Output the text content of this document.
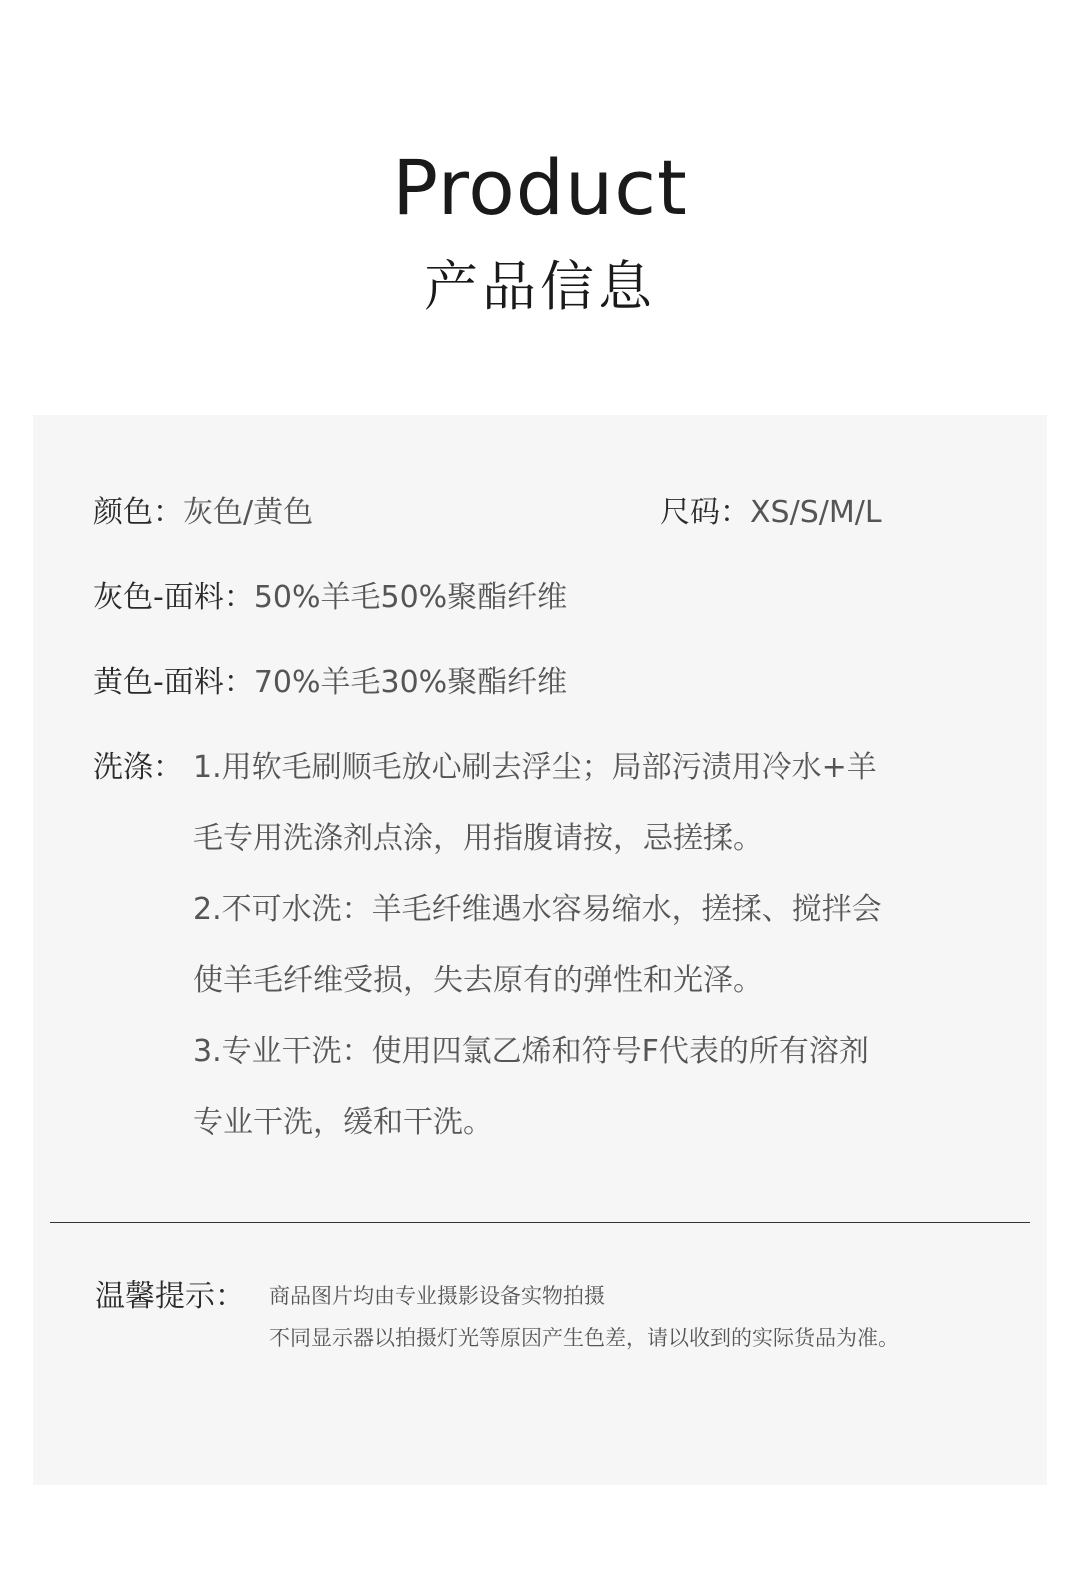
Product
产品信息
颜色：灰色/黄色	尺码：XS/S/M/L
灰色-面料：50%羊毛50%聚酯纤维
黄色-面料：70%羊毛30%聚酯纤维
洗涤： 1.用软毛刷顺毛放心刷去浮尘；局部污渍用冷水+羊
毛专用洗涤剂点涂，用指腹请按，忌搓揉。
2.不可水洗：羊毛纤维遇水容易缩水，搓揉、搅拌会
使羊毛纤维受损，失去原有的弹性和光泽。
3.专业干洗：使用四氯乙烯和符号F代表的所有溶剂
专业干洗，缓和干洗。
温馨提示： 商品图片均由专业摄影设备实物拍摄
不同显示器以拍摄灯光等原因产生色差，请以收到的实际货品为准。
